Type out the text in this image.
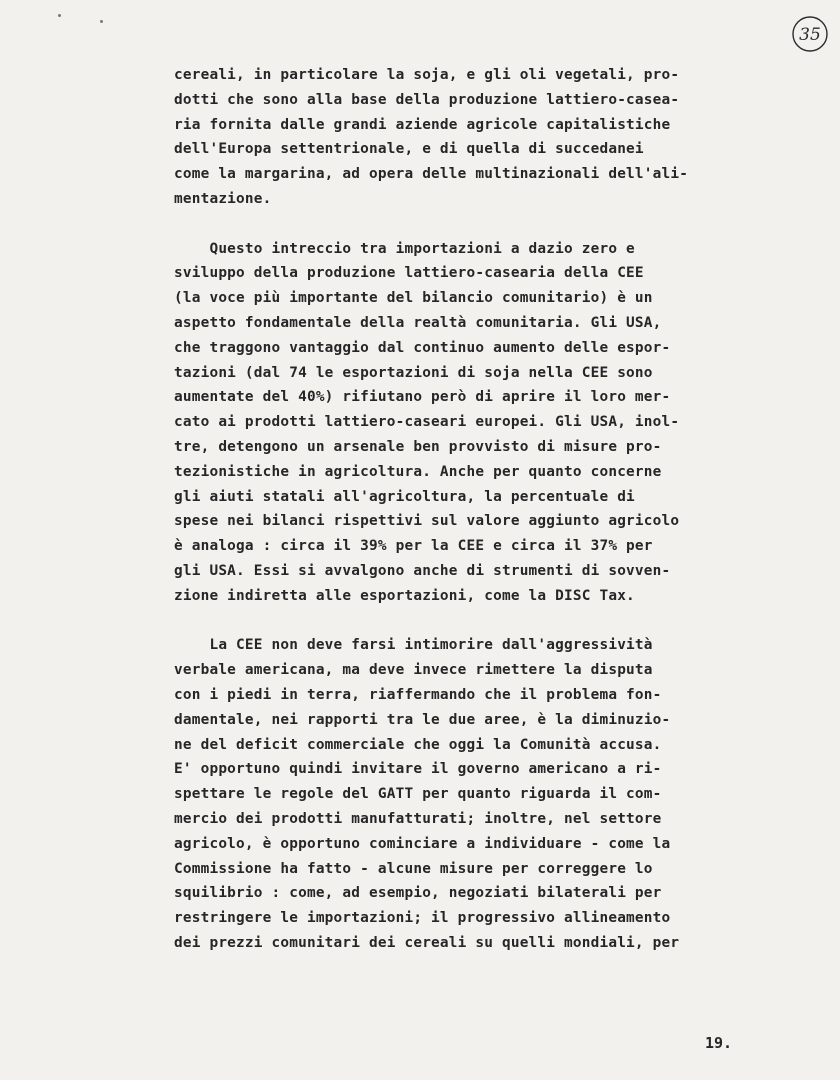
35
cereali, in particolare la soja, e gli oli vegetali, pro-
dotti che sono alla base della produzione lattiero-casea-
ria fornita dalle grandi aziende agricole capitalistiche
dell'Europa settentrionale, e di quella di succedanei
come la margarina, ad opera delle multinazionali dell'ali-
mentazione.
Questo intreccio tra importazioni a dazio zero e
sviluppo della produzione lattiero-casearia della CEE
(la voce più importante del bilancio comunitario) è un
aspetto fondamentale della realtà comunitaria. Gli USA,
che traggono vantaggio dal continuo aumento delle espor-
tazioni (dal 74 le esportazioni di soja nella CEE sono
aumentate del 40%) rifiutano però di aprire il loro mer-
cato ai prodotti lattiero-caseari europei. Gli USA, inol-
tre, detengono un arsenale ben provvisto di misure pro-
tezionistiche in agricoltura. Anche per quanto concerne
gli aiuti statali all'agricoltura, la percentuale di
spese nei bilanci rispettivi sul valore aggiunto agricolo
è analoga : circa il 39% per la CEE e circa il 37% per
gli USA. Essi si avvalgono anche di strumenti di sovven-
zione indiretta alle esportazioni, come la DISC Tax.
La CEE non deve farsi intimorire dall'aggressività
verbale americana, ma deve invece rimettere la disputa
con i piedi in terra, riaffermando che il problema fon-
damentale, nei rapporti tra le due aree, è la diminuzio-
ne del deficit commerciale che oggi la Comunità accusa.
E' opportuno quindi invitare il governo americano a ri-
spettare le regole del GATT per quanto riguarda il com-
mercio dei prodotti manufatturati; inoltre, nel settore
agricolo, è opportuno cominciare a individuare - come la
Commissione ha fatto - alcune misure per correggere lo
squilibrio : come, ad esempio, negoziati bilaterali per
restringere le importazioni; il progressivo allineamento
dei prezzi comunitari dei cereali su quelli mondiali, per
19.
